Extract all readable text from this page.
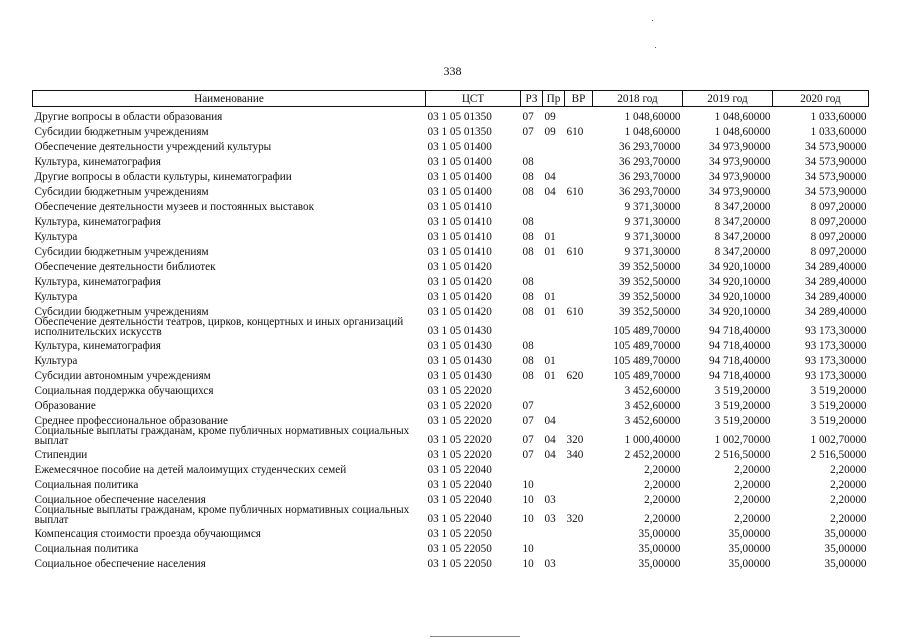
338
Наименование	ЦСТ	РЗ	Пр	ВР	2018 год	2019 год	2020 год
Другие вопросы в области образования	03 1 05 01350	07	09		1 048,60000	1 048,60000	1 033,60000
Субсидии бюджетным учреждениям	03 1 05 01350	07	09	610	1 048,60000	1 048,60000	1 033,60000
Обеспечение деятельности учреждений культуры	03 1 05 01400				36 293,70000	34 973,90000	34 573,90000
Культура, кинематография	03 1 05 01400	08			36 293,70000	34 973,90000	34 573,90000
Другие вопросы в области культуры, кинематографии	03 1 05 01400	08	04		36 293,70000	34 973,90000	34 573,90000
Субсидии бюджетным учреждениям	03 1 05 01400	08	04	610	36 293,70000	34 973,90000	34 573,90000
Обеспечение деятельности музеев и постоянных выставок	03 1 05 01410				9 371,30000	8 347,20000	8 097,20000
Культура, кинематография	03 1 05 01410	08			9 371,30000	8 347,20000	8 097,20000
Культура	03 1 05 01410	08	01		9 371,30000	8 347,20000	8 097,20000
Субсидии бюджетным учреждениям	03 1 05 01410	08	01	610	9 371,30000	8 347,20000	8 097,20000
Обеспечение деятельности библиотек	03 1 05 01420				39 352,50000	34 920,10000	34 289,40000
Культура, кинематография	03 1 05 01420	08			39 352,50000	34 920,10000	34 289,40000
Культура	03 1 05 01420	08	01		39 352,50000	34 920,10000	34 289,40000
Субсидии бюджетным учреждениям	03 1 05 01420	08	01	610	39 352,50000	34 920,10000	34 289,40000
Обеспечение деятельности театров, цирков, концертных и иных организаций исполнительских искусств	03 1 05 01430				105 489,70000	94 718,40000	93 173,30000
Культура, кинематография	03 1 05 01430	08			105 489,70000	94 718,40000	93 173,30000
Культура	03 1 05 01430	08	01		105 489,70000	94 718,40000	93 173,30000
Субсидии автономным учреждениям	03 1 05 01430	08	01	620	105 489,70000	94 718,40000	93 173,30000
Социальная поддержка обучающихся	03 1 05 22020				3 452,60000	3 519,20000	3 519,20000
Образование	03 1 05 22020	07			3 452,60000	3 519,20000	3 519,20000
Среднее профессиональное образование	03 1 05 22020	07	04		3 452,60000	3 519,20000	3 519,20000
Социальные выплаты гражданам, кроме публичных нормативных социальных выплат	03 1 05 22020	07	04	320	1 000,40000	1 002,70000	1 002,70000
Стипендии	03 1 05 22020	07	04	340	2 452,20000	2 516,50000	2 516,50000
Ежемесячное пособие на детей малоимущих студенческих семей	03 1 05 22040				2,20000	2,20000	2,20000
Социальная политика	03 1 05 22040	10			2,20000	2,20000	2,20000
Социальное обеспечение населения	03 1 05 22040	10	03		2,20000	2,20000	2,20000
Социальные выплаты гражданам, кроме публичных нормативных социальных выплат	03 1 05 22040	10	03	320	2,20000	2,20000	2,20000
Компенсация стоимости проезда обучающимся	03 1 05 22050				35,00000	35,00000	35,00000
Социальная политика	03 1 05 22050	10			35,00000	35,00000	35,00000
Социальное обеспечение населения	03 1 05 22050	10	03		35,00000	35,00000	35,00000
